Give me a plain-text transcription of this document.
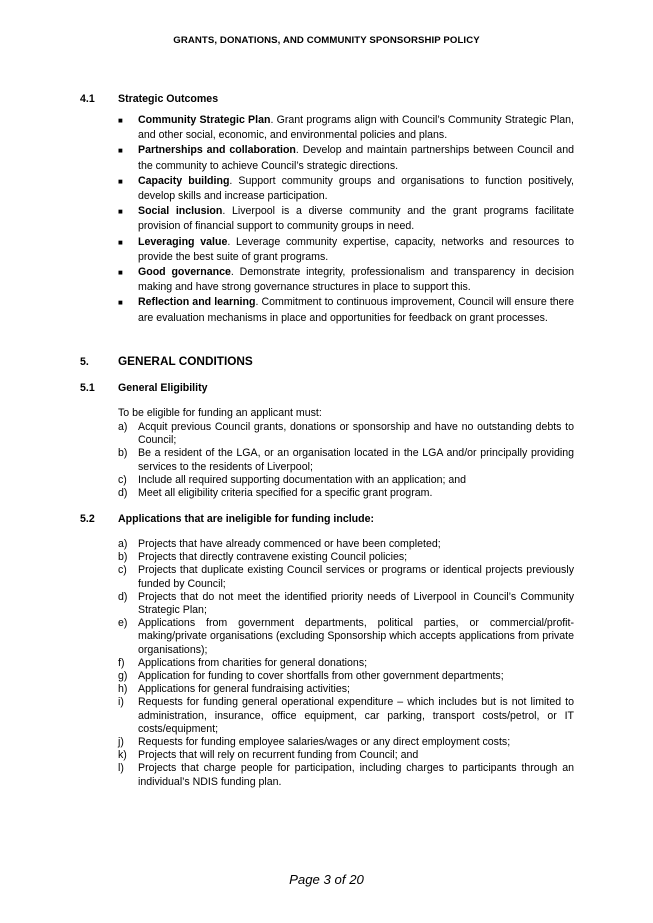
GRANTS, DONATIONS, AND COMMUNITY SPONSORSHIP POLICY
4.1 Strategic Outcomes
■ Community Strategic Plan. Grant programs align with Council’s Community Strategic Plan, and other social, economic, and environmental policies and plans.
■ Partnerships and collaboration. Develop and maintain partnerships between Council and the community to achieve Council’s strategic directions.
■ Capacity building. Support community groups and organisations to function positively, develop skills and increase participation.
■ Social inclusion. Liverpool is a diverse community and the grant programs facilitate provision of financial support to community groups in need.
■ Leveraging value. Leverage community expertise, capacity, networks and resources to provide the best suite of grant programs.
■ Good governance. Demonstrate integrity, professionalism and transparency in decision making and have strong governance structures in place to support this.
■ Reflection and learning. Commitment to continuous improvement, Council will ensure there are evaluation mechanisms in place and opportunities for feedback on grant processes.
5. GENERAL CONDITIONS
5.1 General Eligibility
To be eligible for funding an applicant must:
a) Acquit previous Council grants, donations or sponsorship and have no outstanding debts to Council;
b) Be a resident of the LGA, or an organisation located in the LGA and/or principally providing services to the residents of Liverpool;
c) Include all required supporting documentation with an application; and
d) Meet all eligibility criteria specified for a specific grant program.
5.2 Applications that are ineligible for funding include:
a) Projects that have already commenced or have been completed;
b) Projects that directly contravene existing Council policies;
c) Projects that duplicate existing Council services or programs or identical projects previously funded by Council;
d) Projects that do not meet the identified priority needs of Liverpool in Council’s Community Strategic Plan;
e) Applications from government departments, political parties, or commercial/profit-making/private organisations (excluding Sponsorship which accepts applications from private organisations);
f) Applications from charities for general donations;
g) Application for funding to cover shortfalls from other government departments;
h) Applications for general fundraising activities;
i) Requests for funding general operational expenditure – which includes but is not limited to administration, insurance, office equipment, car parking, transport costs/petrol, or IT costs/equipment;
j) Requests for funding employee salaries/wages or any direct employment costs;
k) Projects that will rely on recurrent funding from Council; and
l) Projects that charge people for participation, including charges to participants through an individual’s NDIS funding plan.
Page 3 of 20
